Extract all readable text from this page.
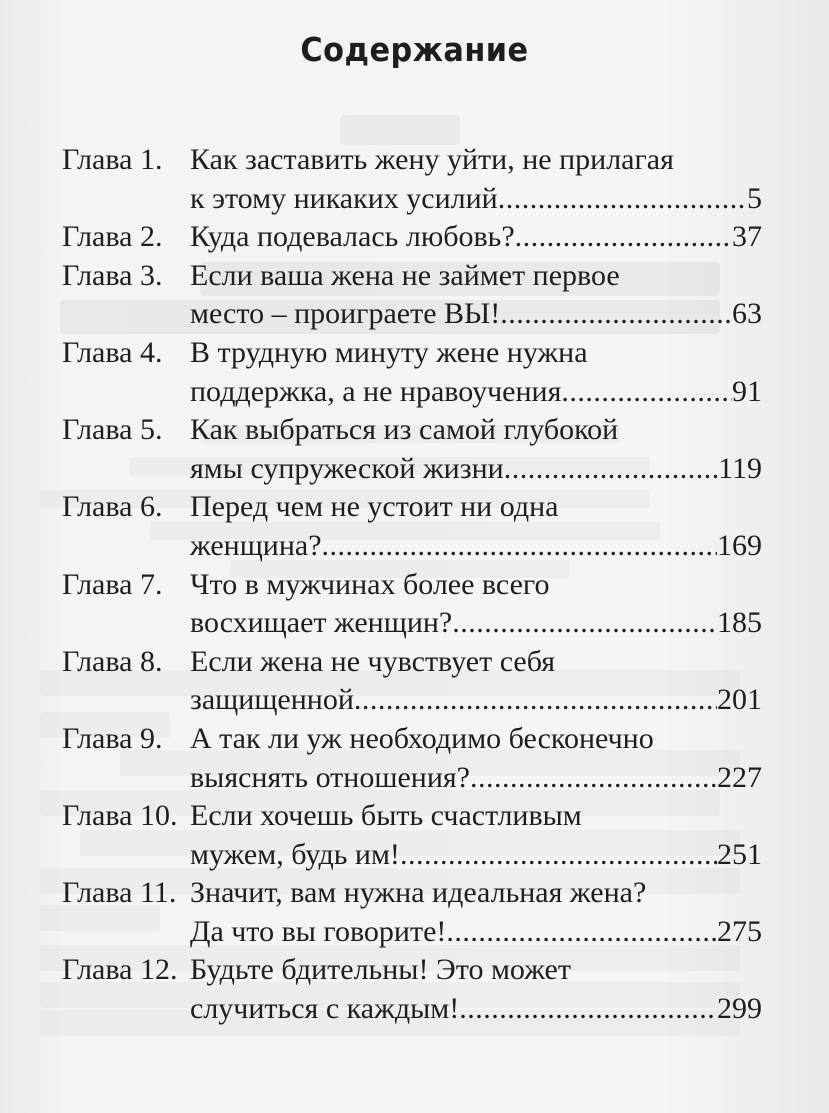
Содержание
Глава 1. Как заставить жену уйти, не прилагая
к этому никаких усилий .....	5
Глава 2. Куда подевалась любовь? .....	37
Глава 3. Если ваша жена не займет первое
место – проиграете ВЫ! .....	63
Глава 4. В трудную минуту жене нужна
поддержка, а не нравоучения .....	91
Глава 5. Как выбраться из самой глубокой
ямы супружеской жизни .....	119
Глава 6. Перед чем не устоит ни одна
женщина? .....	169
Глава 7. Что в мужчинах более всего
восхищает женщин? .....	185
Глава 8. Если жена не чувствует себя
защищенной .....	201
Глава 9. А так ли уж необходимо бесконечно
выяснять отношения? .....	227
Глава 10. Если хочешь быть счастливым
мужем, будь им! .....	251
Глава 11. Значит, вам нужна идеальная жена?
Да что вы говорите! .....	275
Глава 12. Будьте бдительны! Это может
случиться с каждым! .....	299
